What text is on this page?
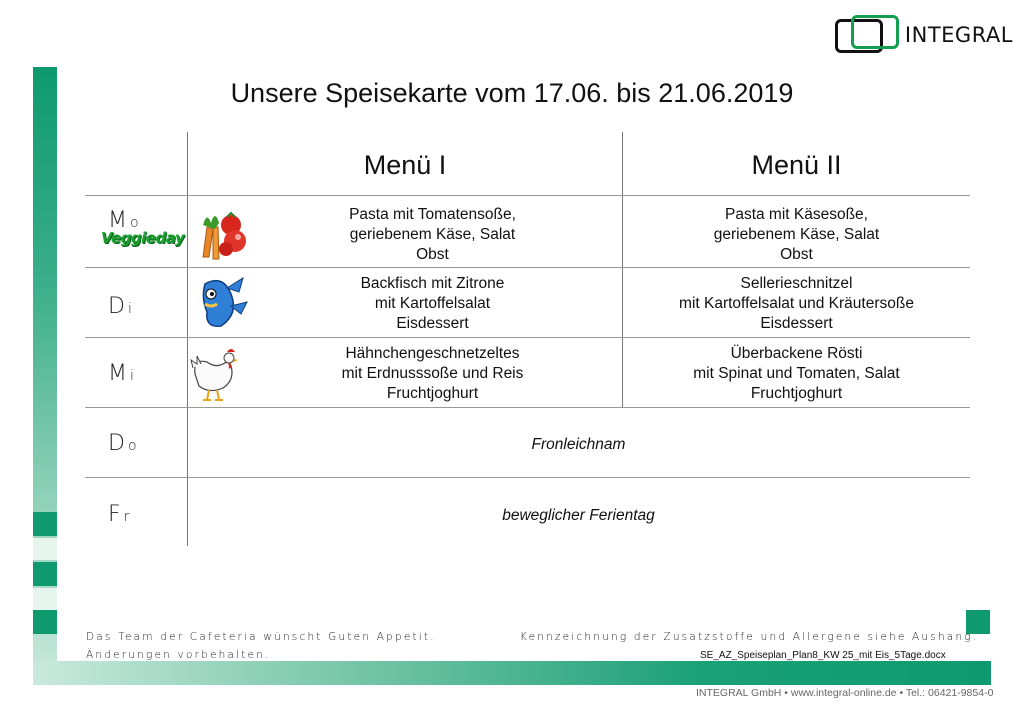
INTEGRAL
Unsere Speisekarte vom 17.06. bis 21.06.2019
Menü I	Menü II
Mo
Veggieday
Di
Mi
Do
Fr
Pasta mit Tomatensoße,
geriebenem Käse, Salat
Obst
Pasta mit Käsesoße,
geriebenem Käse, Salat
Obst
Backfisch mit Zitrone
mit Kartoffelsalat
Eisdessert
Sellerieschnitzel
mit Kartoffelsalat und Kräutersoße
Eisdessert
Hähnchengeschnetzeltes
mit Erdnusssoße und Reis
Fruchtjoghurt
Überbackene Rösti
mit Spinat und Tomaten, Salat
Fruchtjoghurt
Fronleichnam
beweglicher Ferientag
Das Team der Cafeteria wünscht Guten Appetit.
Änderungen vorbehalten.
Kennzeichnung der Zusatzstoffe und Allergene siehe Aushang.
SE_AZ_Speiseplan_Plan8_KW 25_mit Eis_5Tage.docx
INTEGRAL GmbH • www.integral-online.de • Tel.: 06421-9854-0
